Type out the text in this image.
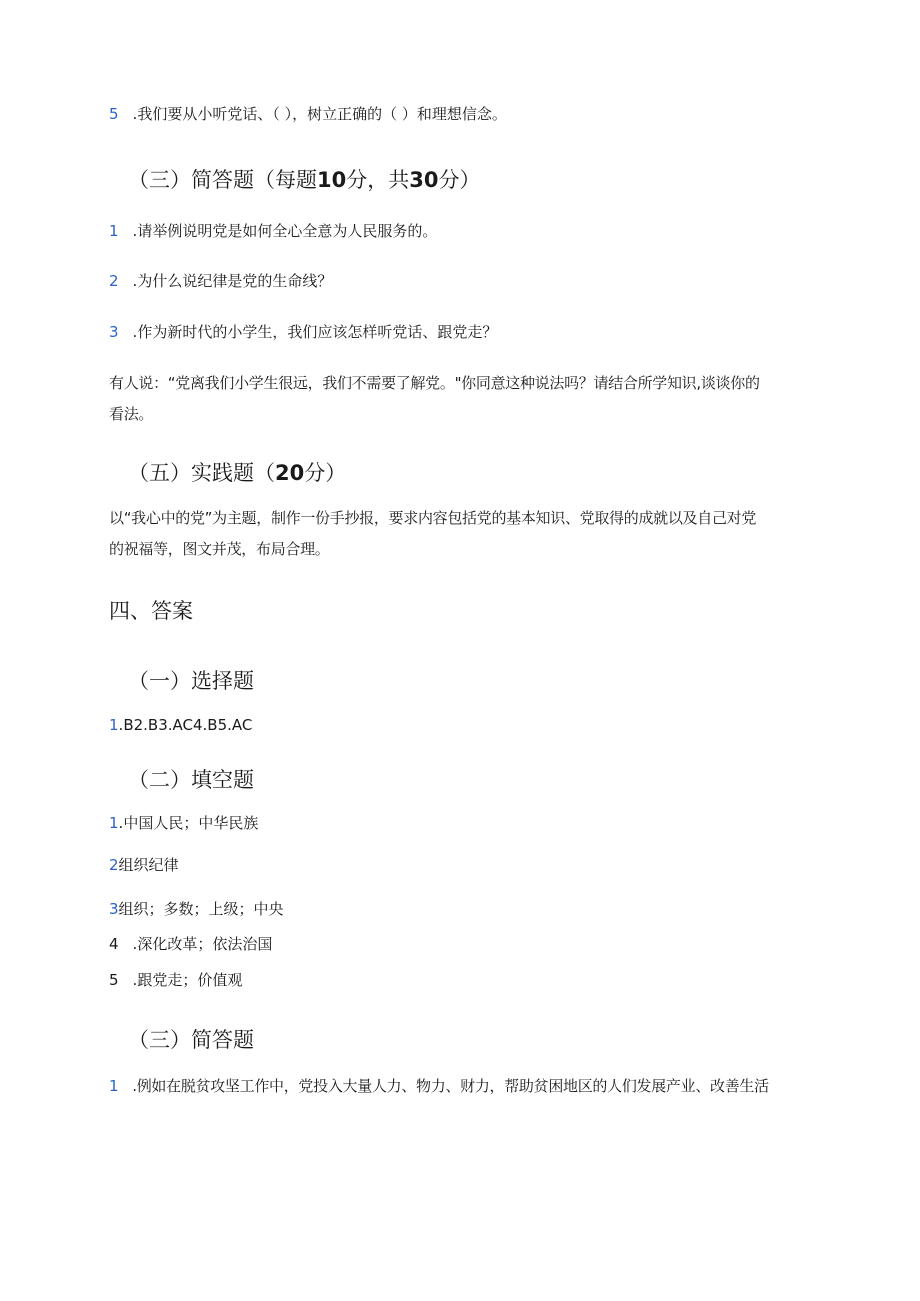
5 .我们要从小听党话、（ ），树立正确的（ ）和理想信念。
（三）简答题（每题10分，共30分）
1 .请举例说明党是如何全心全意为人民服务的。
2 .为什么说纪律是党的生命线？
3 .作为新时代的小学生，我们应该怎样听党话、跟党走？
有人说：“党离我们小学生很远，我们不需要了解党。"你同意这种说法吗？请结合所学知识,谈谈你的
看法。
（五）实践题（20分）
以“我心中的党”为主题，制作一份手抄报，要求内容包括党的基本知识、党取得的成就以及自己对党
的祝福等，图文并茂，布局合理。
四、答案
（一）选择题
1.B2.B3.AC4.B5.AC
（二）填空题
1.中国人民；中华民族
2组织纪律
3组织；多数；上级；中央
4 .深化改革；依法治国
5 .跟党走；价值观
（三）简答题
1 .例如在脱贫攻坚工作中，党投入大量人力、物力、财力，帮助贫困地区的人们发展产业、改善生活
